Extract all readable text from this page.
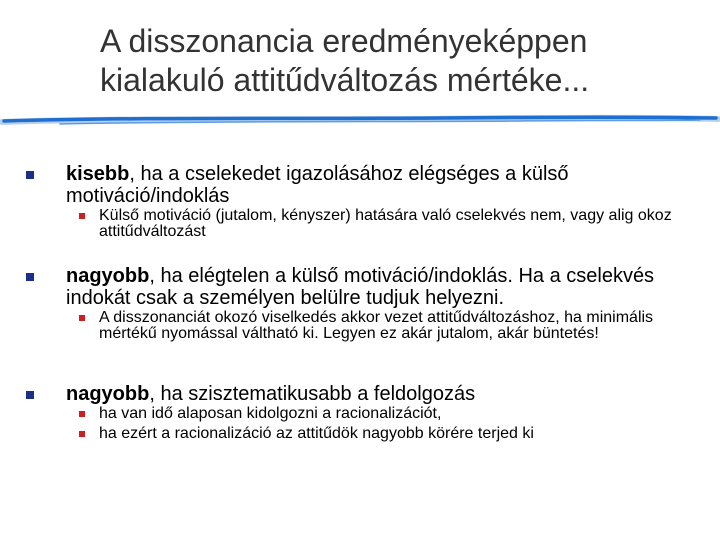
A disszonancia eredményeképpen
kialakuló attitűdváltozás mértéke...
kisebb, ha a cselekedet igazolásához elégséges a külső motiváció/indoklás
Külső motiváció (jutalom, kényszer) hatására való cselekvés nem, vagy alig okoz attitűdváltozást
nagyobb, ha elégtelen a külső motiváció/indoklás. Ha a cselekvés indokát csak a személyen belülre tudjuk helyezni.
A disszonanciát okozó viselkedés akkor vezet attitűdváltozáshoz, ha minimális mértékű nyomással váltható ki. Legyen ez akár jutalom, akár büntetés!
nagyobb, ha szisztematikusabb a feldolgozás
ha van idő alaposan kidolgozni a racionalizációt,
ha ezért a racionalizáció az attitűdök nagyobb körére terjed ki
